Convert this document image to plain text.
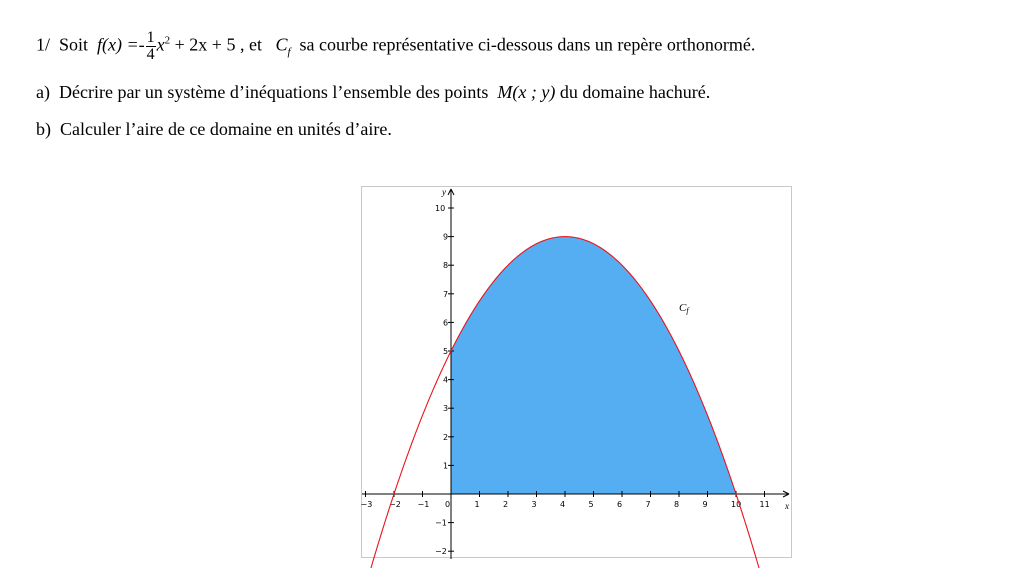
1/ Soit $f(x) =- \frac{1}{4} x^2 + 2x + 5$ , et $C_f$ sa courbe représentative ci-dessous dans un repère orthonormé.
a) Décrire par un système d’inéquations l’ensemble des points M(x ; y) du domaine hachuré.
b) Calculer l’aire de ce domaine en unités d’aire.
−3 −2 −1	1	2	3	4	5	6	7	8	9	10 11
0
−2
−1
1
2
3
4
5
6
7
8
9
10
x
y
Cf
